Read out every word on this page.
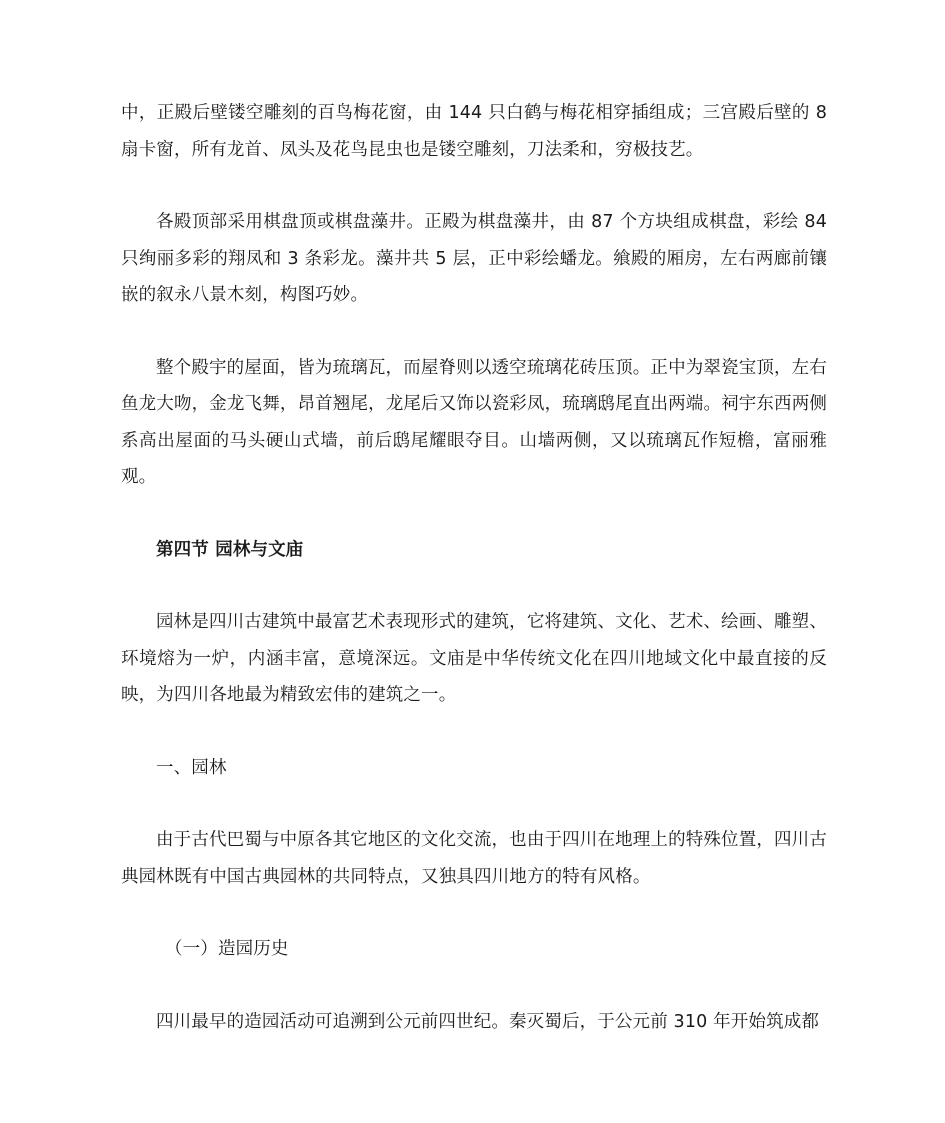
中，正殿后壁镂空雕刻的百鸟梅花窗，由 144 只白鹤与梅花相穿插组成；三宫殿后壁的 8 扇卡窗，所有龙首、凤头及花鸟昆虫也是镂空雕刻，刀法柔和，穷极技艺。

各殿顶部采用棋盘顶或棋盘藻井。正殿为棋盘藻井，由 87 个方块组成棋盘，彩绘 84 只绚丽多彩的翔凤和 3 条彩龙。藻井共 5 层，正中彩绘蟠龙。飨殿的厢房，左右两廊前镶嵌的叙永八景木刻，构图巧妙。

整个殿宇的屋面，皆为琉璃瓦，而屋脊则以透空琉璃花砖压顶。正中为翠瓷宝顶，左右鱼龙大吻，金龙飞舞，昂首翘尾，龙尾后又饰以瓷彩凤，琉璃鸱尾直出两端。祠宇东西两侧系高出屋面的马头硬山式墙，前后鸱尾耀眼夺目。山墙两侧，又以琉璃瓦作短檐，富丽雅观。

第四节 园林与文庙

园林是四川古建筑中最富艺术表现形式的建筑，它将建筑、文化、艺术、绘画、雕塑、环境熔为一炉，内涵丰富，意境深远。文庙是中华传统文化在四川地域文化中最直接的反映，为四川各地最为精致宏伟的建筑之一。

一、园林

由于古代巴蜀与中原各其它地区的文化交流，也由于四川在地理上的特殊位置，四川古典园林既有中国古典园林的共同特点，又独具四川地方的特有风格。

（一）造园历史

四川最早的造园活动可追溯到公元前四世纪。秦灭蜀后，于公元前 310 年开始筑成都
